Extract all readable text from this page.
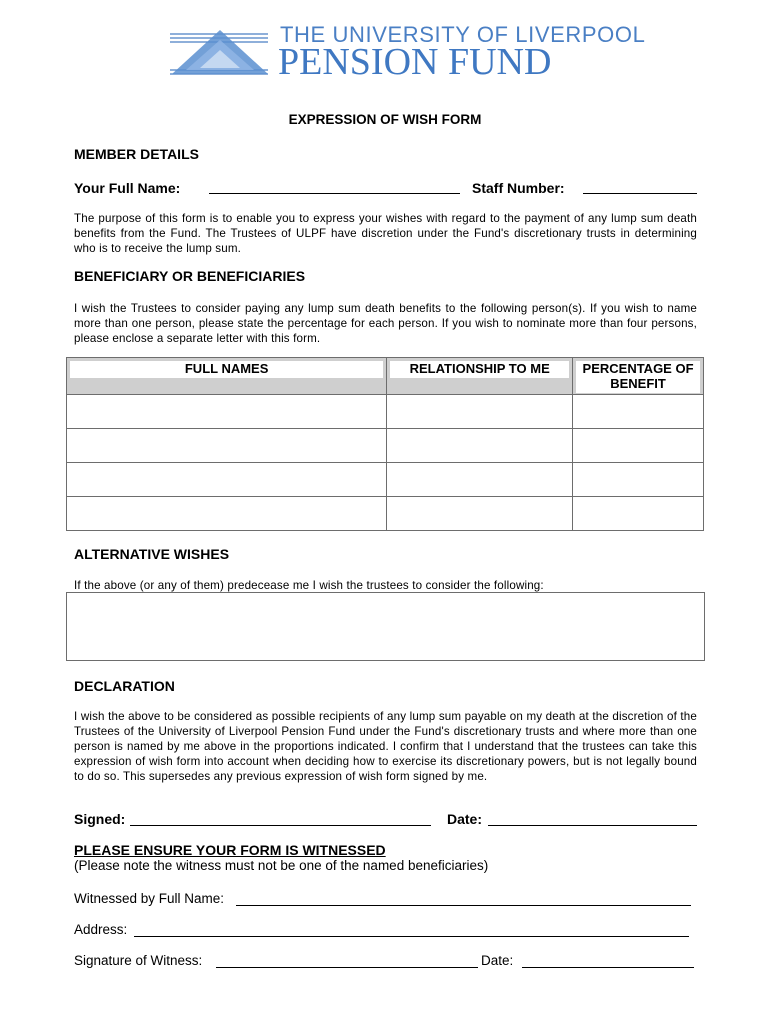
THE UNIVERSITY OF LIVERPOOL
PENSION FUND
EXPRESSION OF WISH FORM
MEMBER DETAILS
Your Full Name:	Staff Number:
The purpose of this form is to enable you to express your wishes with regard to the payment of any lump sum death benefits from the Fund. The Trustees of ULPF have discretion under the Fund's discretionary trusts in determining who is to receive the lump sum.
BENEFICIARY OR BENEFICIARIES
I wish the Trustees to consider paying any lump sum death benefits to the following person(s). If you wish to name more than one person, please state the percentage for each person. If you wish to nominate more than four persons, please enclose a separate letter with this form.
FULL NAMES	RELATIONSHIP TO ME	PERCENTAGE OF BENEFIT

ALTERNATIVE WISHES
If the above (or any of them) predecease me I wish the trustees to consider the following:
DECLARATION
I wish the above to be considered as possible recipients of any lump sum payable on my death at the discretion of the Trustees of the University of Liverpool Pension Fund under the Fund's discretionary trusts and where more than one person is named by me above in the proportions indicated. I confirm that I understand that the trustees can take this expression of wish form into account when deciding how to exercise its discretionary powers, but is not legally bound to do so. This supersedes any previous expression of wish form signed by me.
Signed:	Date:
PLEASE ENSURE YOUR FORM IS WITNESSED
(Please note the witness must not be one of the named beneficiaries)
Witnessed by Full Name:
Address:
Signature of Witness:	Date:
